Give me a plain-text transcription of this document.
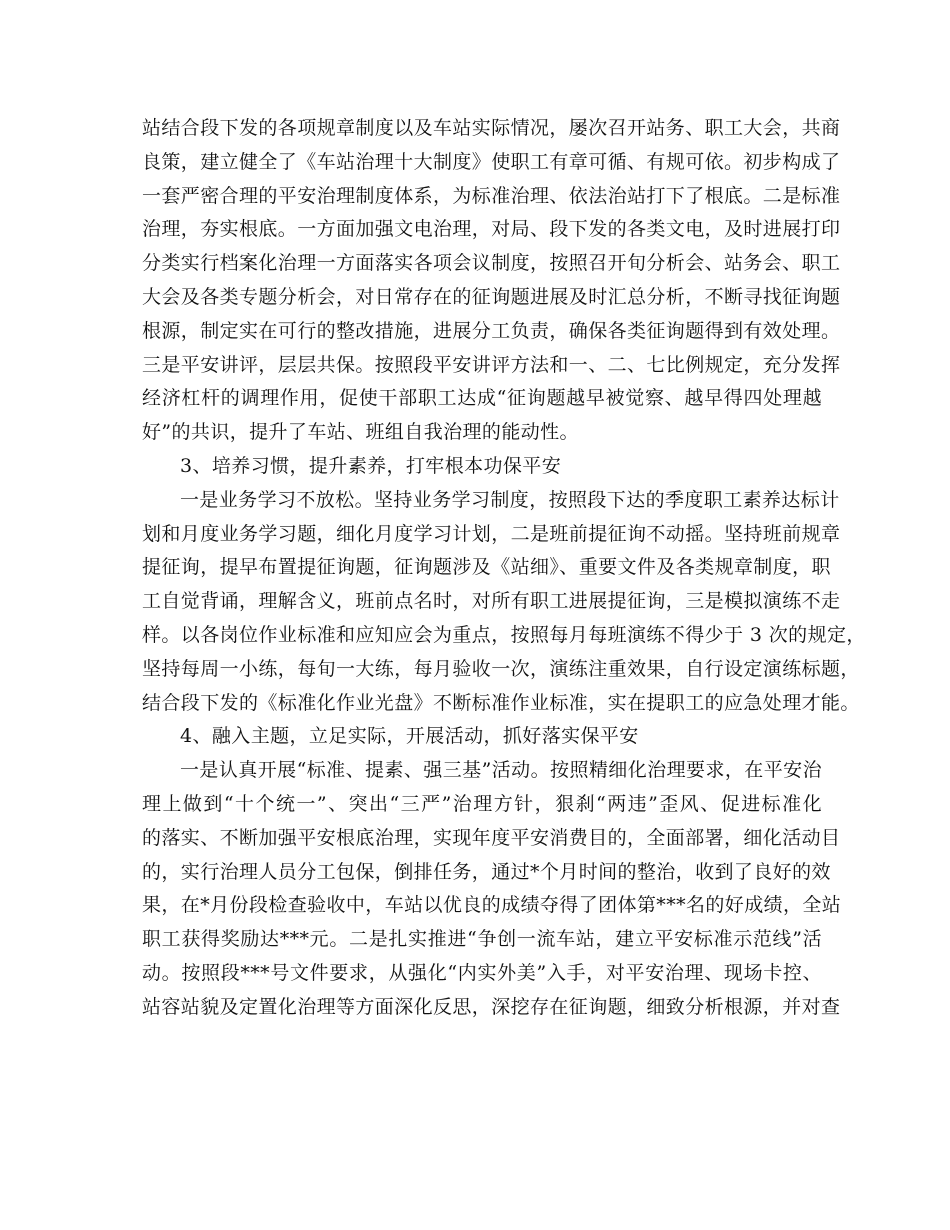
站结合段下发的各项规章制度以及车站实际情况，屡次召开站务、职工大会，共商
良策，建立健全了《车站治理十大制度》使职工有章可循、有规可依。初步构成了
一套严密合理的平安治理制度体系，为标准治理、依法治站打下了根底。二是标准
治理，夯实根底。一方面加强文电治理，对局、段下发的各类文电，及时进展打印
分类实行档案化治理一方面落实各项会议制度，按照召开旬分析会、站务会、职工
大会及各类专题分析会，对日常存在的征询题进展及时汇总分析，不断寻找征询题
根源，制定实在可行的整改措施，进展分工负责，确保各类征询题得到有效处理。
三是平安讲评，层层共保。按照段平安讲评方法和一、二、七比例规定，充分发挥
经济杠杆的调理作用，促使干部职工达成“征询题越早被觉察、越早得四处理越
好”的共识，提升了车站、班组自我治理的能动性。
3、培养习惯，提升素养，打牢根本功保平安
一是业务学习不放松。坚持业务学习制度，按照段下达的季度职工素养达标计
划和月度业务学习题，细化月度学习计划，二是班前提征询不动摇。坚持班前规章
提征询，提早布置提征询题，征询题涉及《站细》、重要文件及各类规章制度，职
工自觉背诵，理解含义，班前点名时，对所有职工进展提征询，三是模拟演练不走
样。以各岗位作业标准和应知应会为重点，按照每月每班演练不得少于 3 次的规定，
坚持每周一小练，每旬一大练，每月验收一次，演练注重效果，自行设定演练标题，
结合段下发的《标准化作业光盘》不断标准作业标准，实在提职工的应急处理才能。
4、融入主题，立足实际，开展活动，抓好落实保平安
一是认真开展“标准、提素、强三基”活动。按照精细化治理要求，在平安治
理上做到“十个统一”、突出“三严”治理方针，狠刹“两违”歪风、促进标准化
的落实、不断加强平安根底治理，实现年度平安消费目的，全面部署，细化活动目
的，实行治理人员分工包保，倒排任务，通过*个月时间的整治，收到了良好的效
果，在*月份段检查验收中，车站以优良的成绩夺得了团体第***名的好成绩，全站
职工获得奖励达***元。二是扎实推进“争创一流车站，建立平安标准示范线”活
动。按照段***号文件要求，从强化“内实外美”入手，对平安治理、现场卡控、
站容站貌及定置化治理等方面深化反思，深挖存在征询题，细致分析根源，并对查
